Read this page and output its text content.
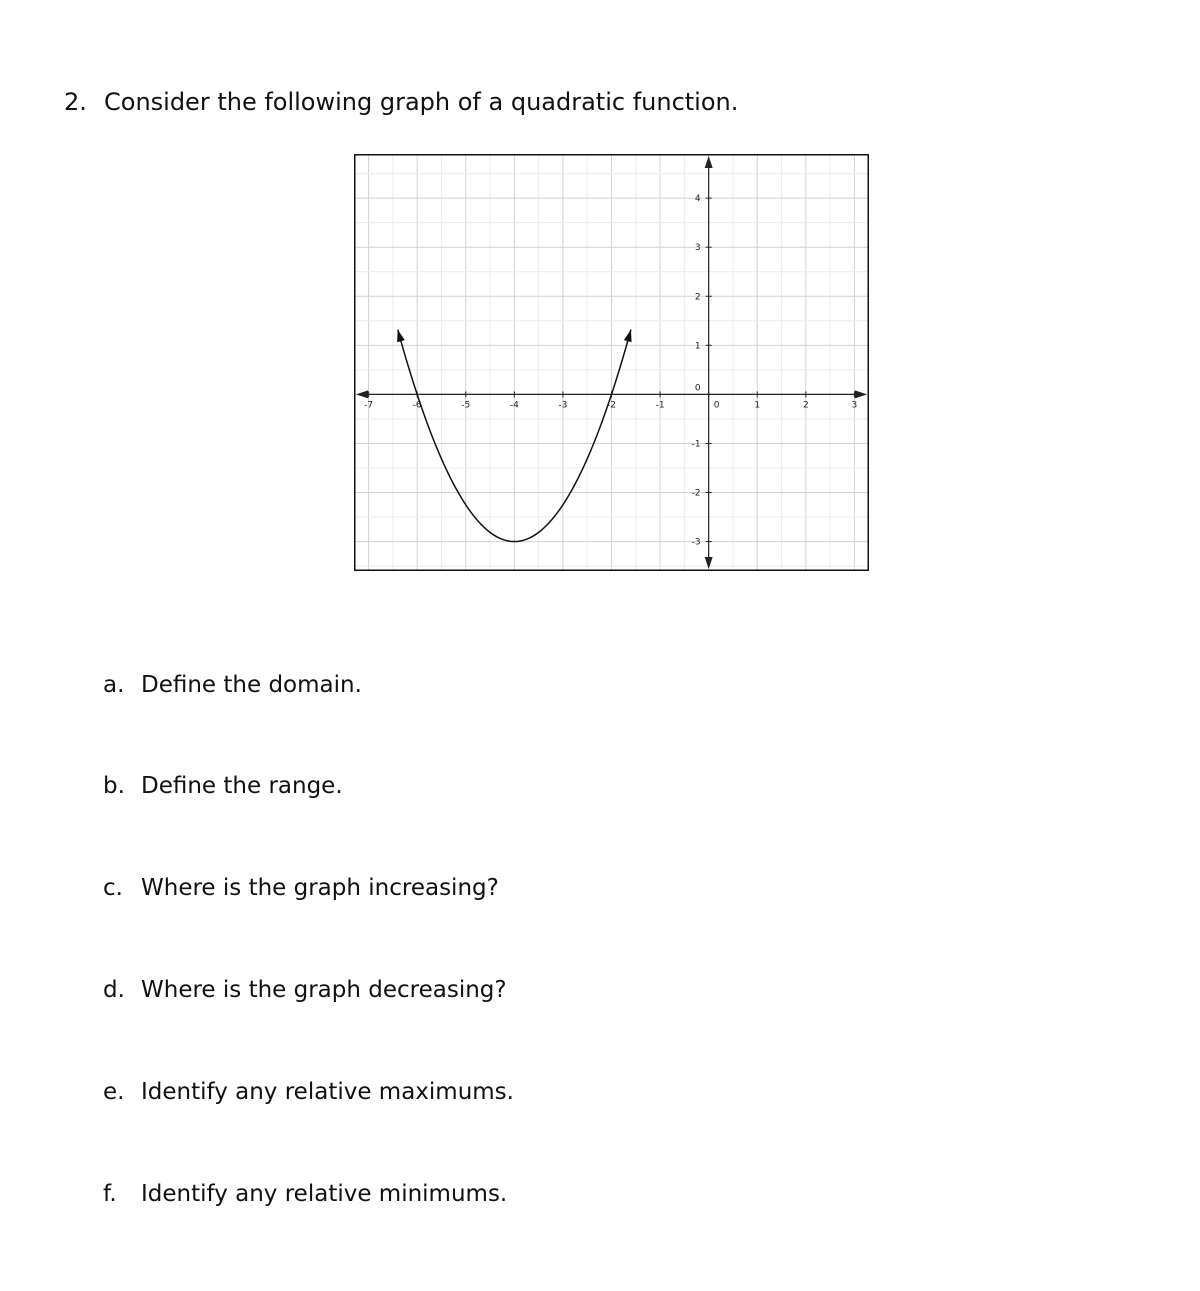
2. Consider the following graph of a quadratic function.
-7	-6	-5	-4	-3	-2	-1	0	1	2	3
4
3
2
1
0
-1
-2
-3
a. Define the domain.
b. Define the range.
c. Where is the graph increasing?
d. Where is the graph decreasing?
e. Identify any relative maximums.
f. Identify any relative minimums.
